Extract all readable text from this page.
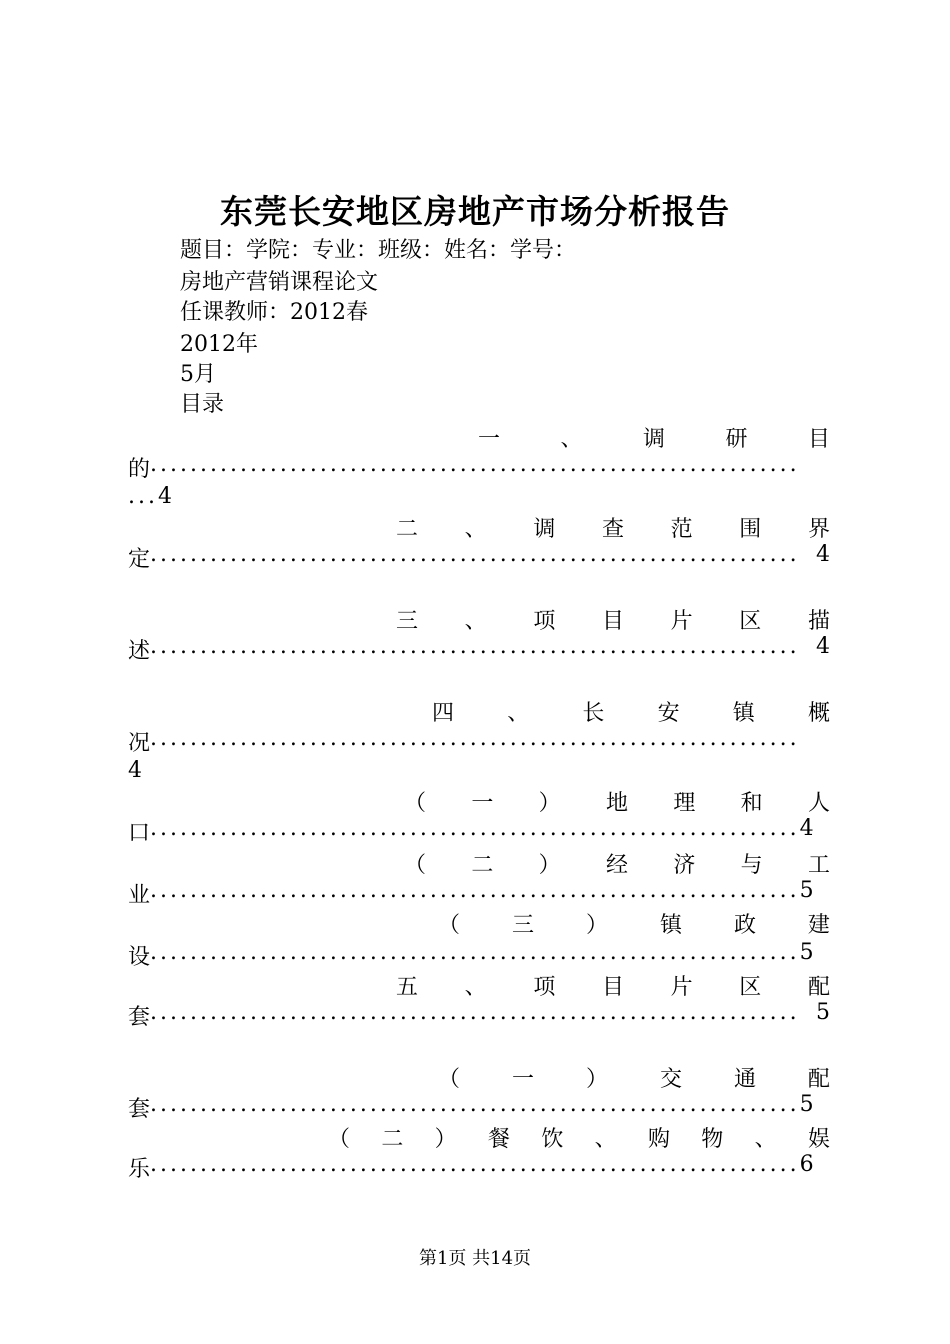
东莞长安地区房地产市场分析报告
题目：学院：专业：班级：姓名：学号：
房地产营销课程论文
任课教师：2012春
2012年
5月
目录
一	、	调	研	目
的 .................................................................
... 4
二 、 调 查 范 围 界
定 ................................................................. 4
三 、 项 目 片 区 描
述 ................................................................. 4
四 、 长 安 镇 概
况 .................................................................
4
（ 一 ） 地 理 和 人
口 ................................................................. 4
（ 二 ） 经 济 与 工
业 ................................................................. 5
（ 三 ） 镇 政 建
设 ................................................................. 5
五 、 项 目 片 区 配
套 ................................................................. 5
（ 一 ） 交 通 配
套 ................................................................. 5
（ 二 ） 餐 饮 、 购 物 、 娱
乐 ................................................................. 6
第1页 共14页
